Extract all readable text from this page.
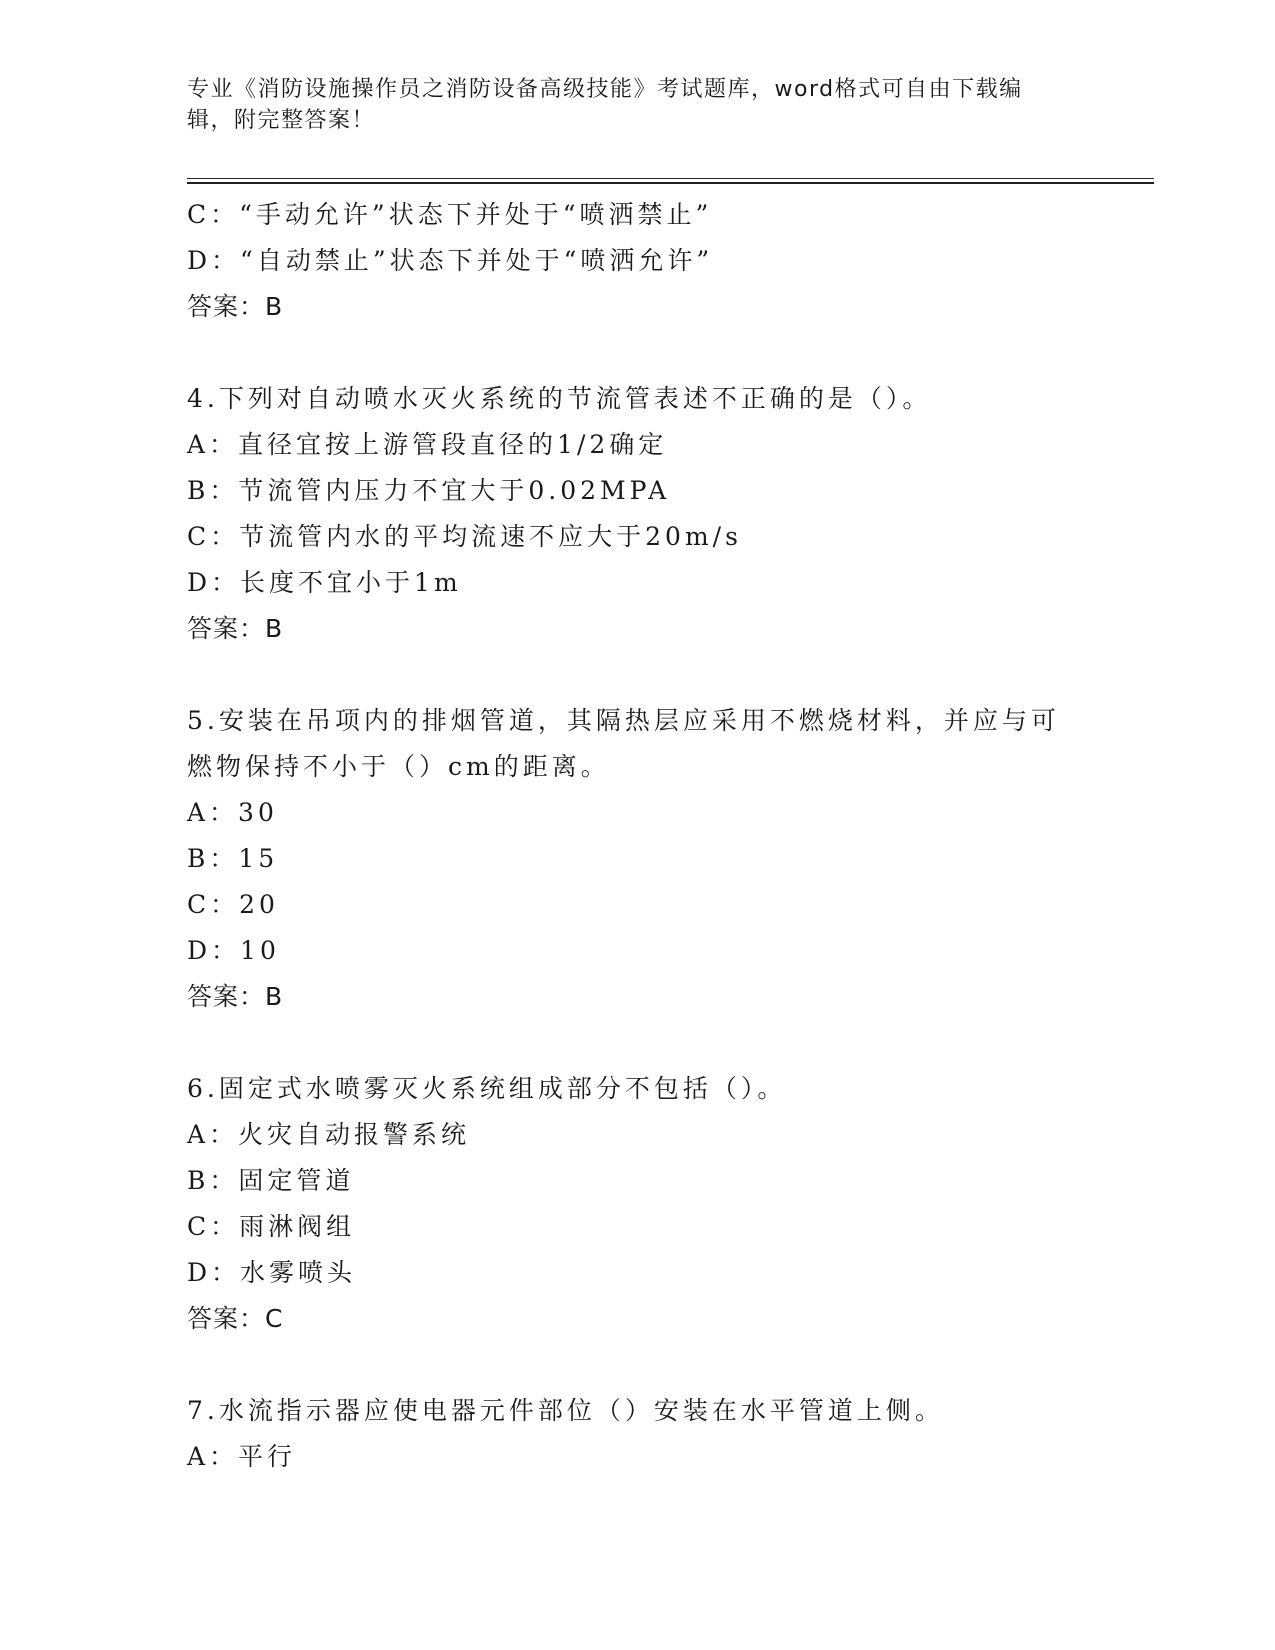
专业《消防设施操作员之消防设备高级技能》考试题库，word格式可自由下载编
辑，附完整答案！

C：“手动允许”状态下并处于“喷洒禁止”

D：“自动禁止”状态下并处于“喷洒允许”

答案：B

4.下列对自动喷水灭火系统的节流管表述不正确的是（）。

A：直径宜按上游管段直径的1/2确定

B：节流管内压力不宜大于0.02MPA

C：节流管内水的平均流速不应大于20m/s

D：长度不宜小于1m

答案：B

5.安装在吊项内的排烟管道，其隔热层应采用不燃烧材料，并应与可

燃物保持不小于（）cm的距离。

A：30

B：15

C：20

D：10

答案：B

6.固定式水喷雾灭火系统组成部分不包括（）。

A：火灾自动报警系统

B：固定管道

C：雨淋阀组

D：水雾喷头

答案：C

7.水流指示器应使电器元件部位（）安装在水平管道上侧。

A：平行
